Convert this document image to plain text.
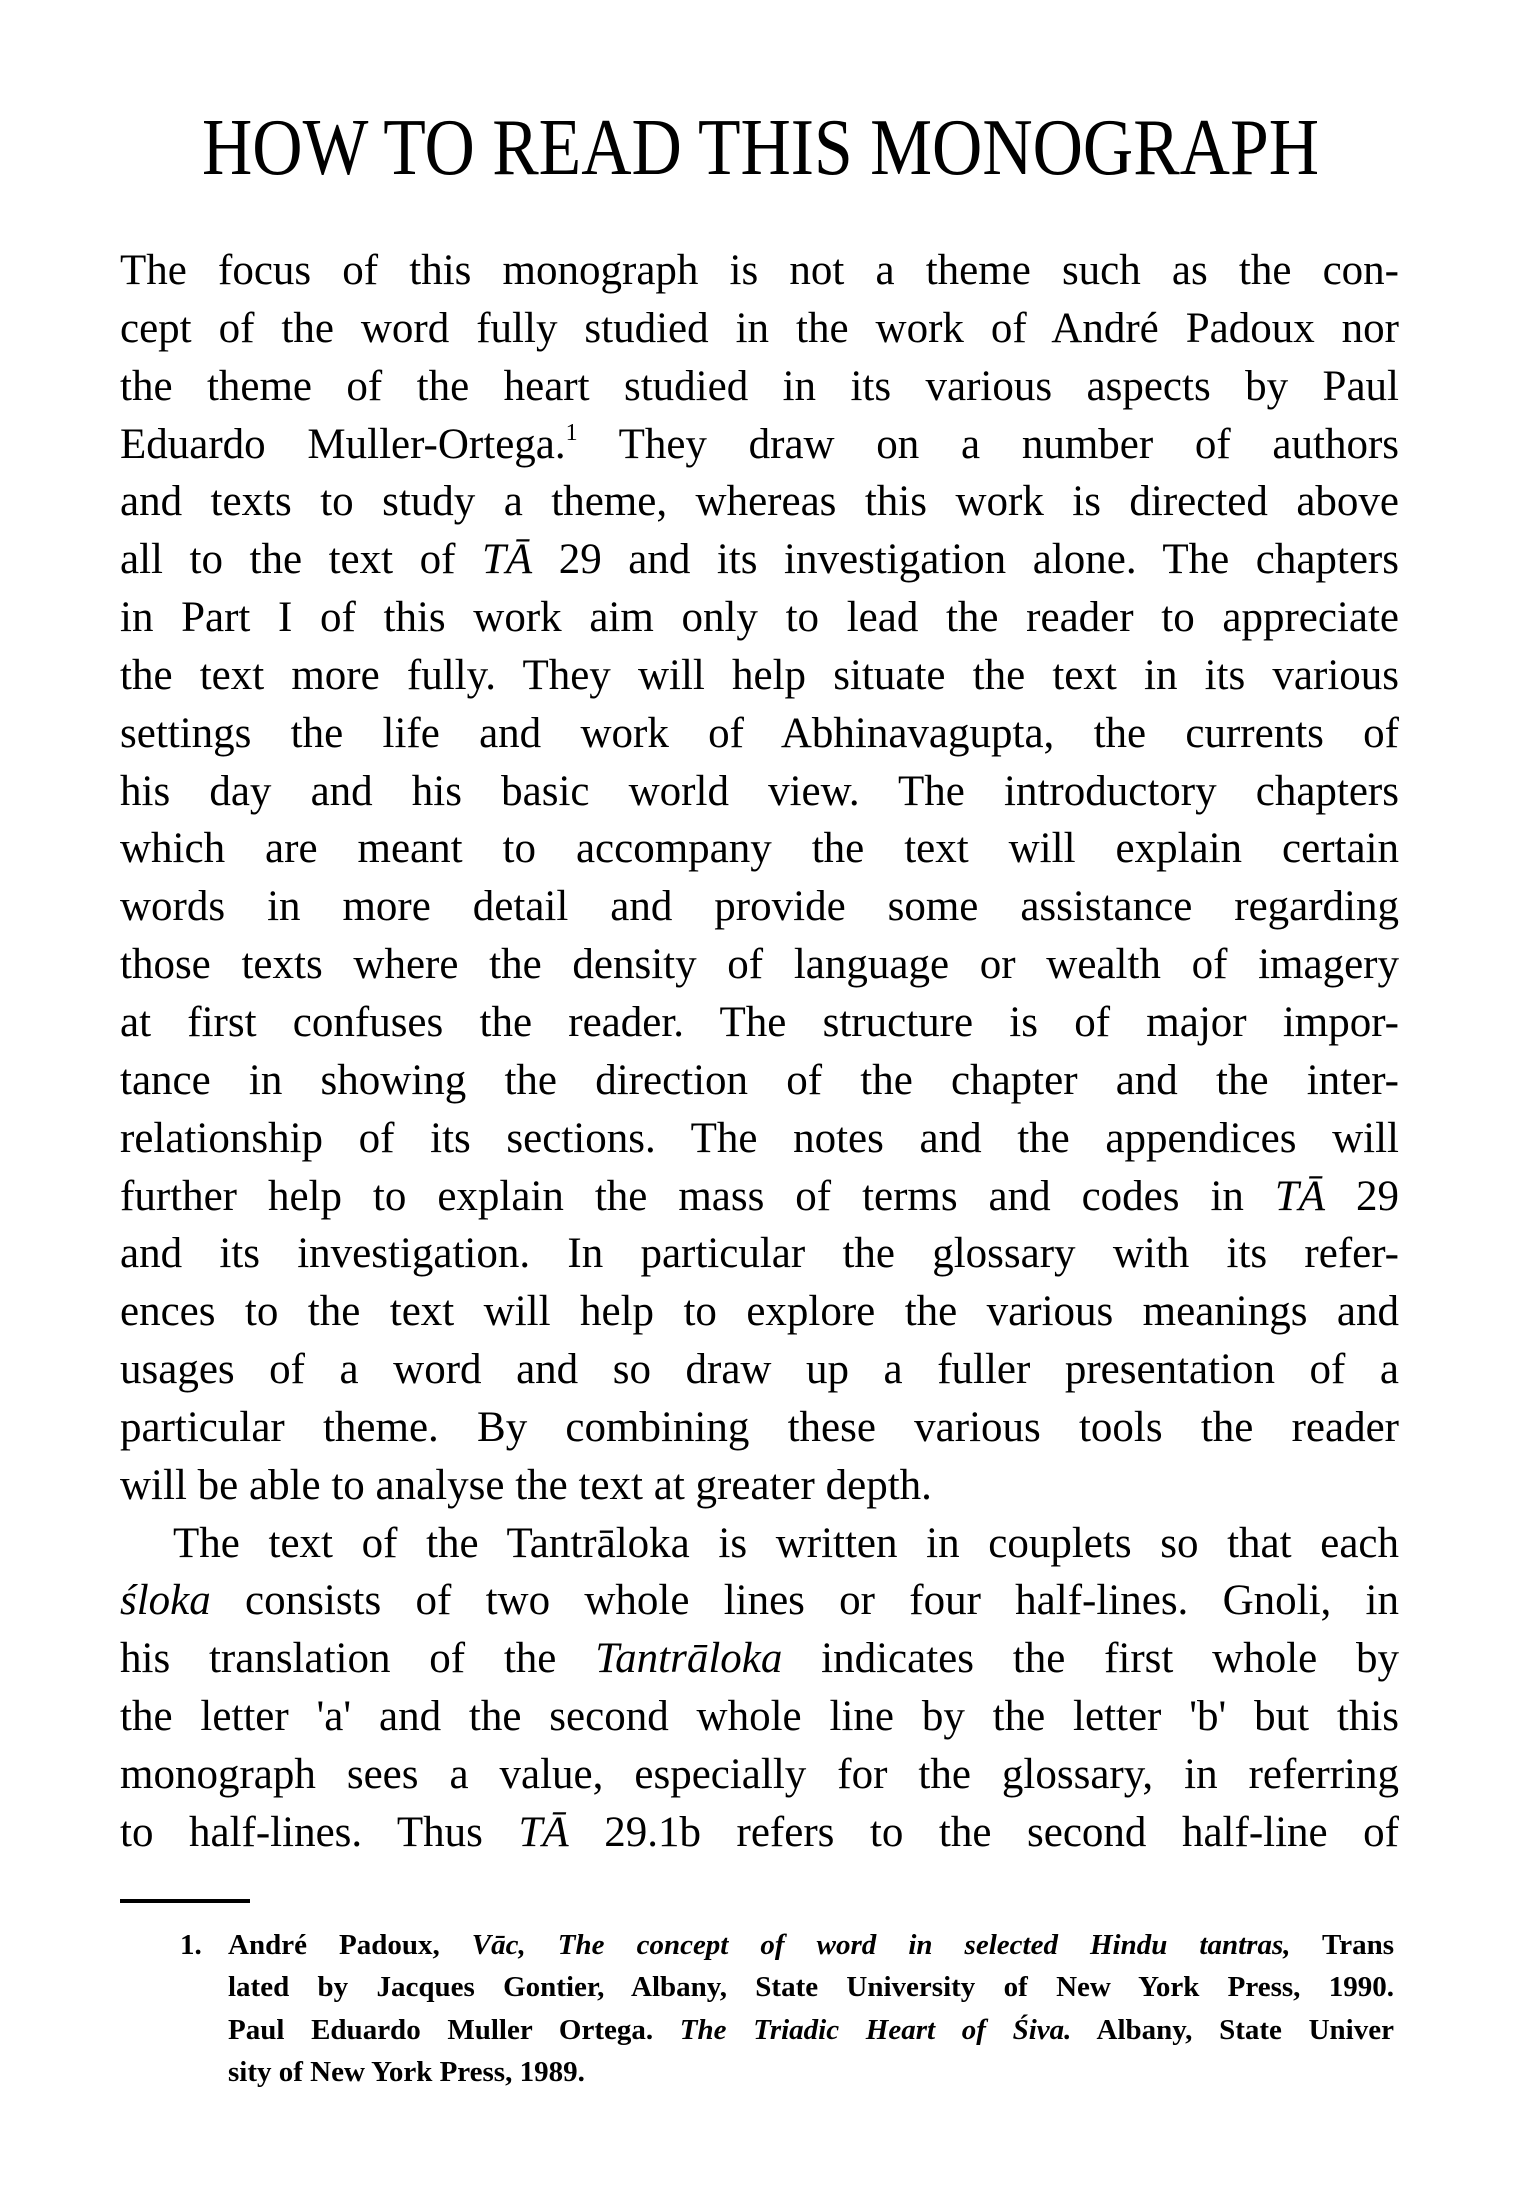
HOW TO READ THIS MONOGRAPH
The focus of this monograph is not a theme such as the con-
cept of the word fully studied in the work of André Padoux nor
the theme of the heart studied in its various aspects by Paul
Eduardo Muller-Ortega.$^1$ They draw on a number of authors
and texts to study a theme, whereas this work is directed above
all to the text of TĀ 29 and its investigation alone. The chapters
in Part I of this work aim only to lead the reader to appreciate
the text more fully. They will help situate the text in its various
settings the life and work of Abhinavagupta, the currents of
his day and his basic world view. The introductory chapters
which are meant to accompany the text will explain certain
words in more detail and provide some assistance regarding
those texts where the density of language or wealth of imagery
at first confuses the reader. The structure is of major impor-
tance in showing the direction of the chapter and the inter-
relationship of its sections. The notes and the appendices will
further help to explain the mass of terms and codes in TĀ 29
and its investigation. In particular the glossary with its refer-
ences to the text will help to explore the various meanings and
usages of a word and so draw up a fuller presentation of a
particular theme. By combining these various tools the reader
will be able to analyse the text at greater depth.
The text of the Tantrāloka is written in couplets so that each
śloka consists of two whole lines or four half-lines. Gnoli, in
his translation of the Tantrāloka indicates the first whole by
the letter 'a' and the second whole line by the letter 'b' but this
monograph sees a value, especially for the glossary, in referring
to half-lines. Thus TĀ 29.1b refers to the second half-line of
1. André Padoux, Vāc, The concept of word in selected Hindu tantras, Trans
lated by Jacques Gontier, Albany, State University of New York Press, 1990.
Paul Eduardo Muller Ortega. The Triadic Heart of Śiva. Albany, State Univer
sity of New York Press, 1989.
